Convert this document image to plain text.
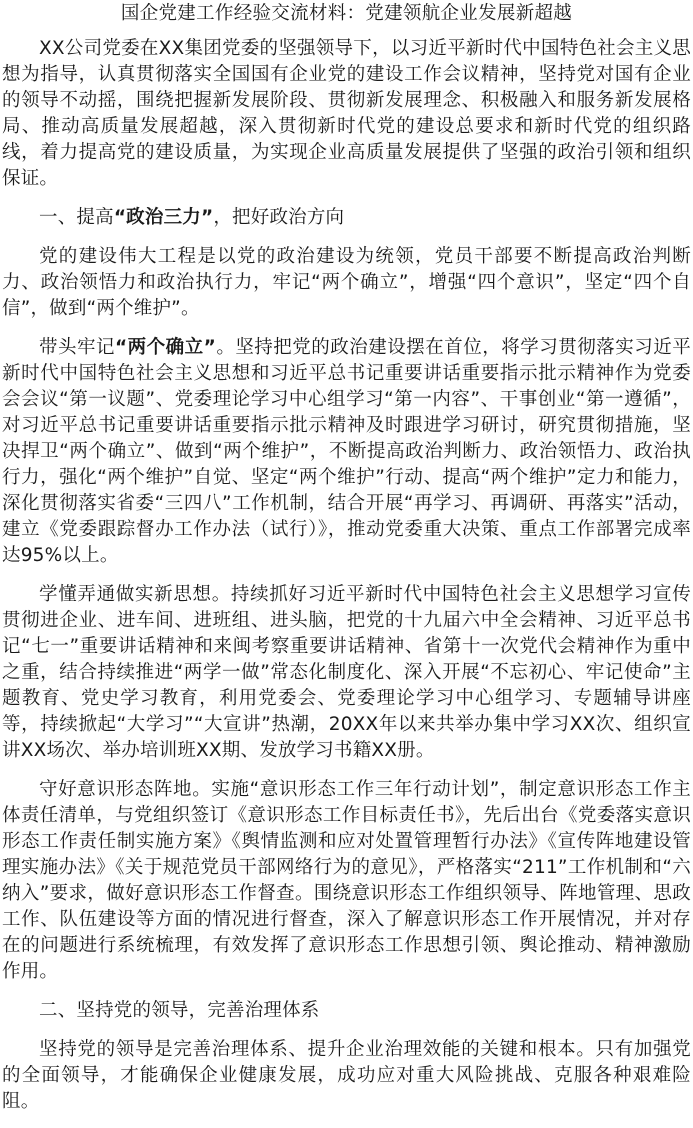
国企党建工作经验交流材料：党建领航企业发展新超越

XX公司党委在XX集团党委的坚强领导下，以习近平新时代中国特色社会主义思想为指导，认真贯彻落实全国国有企业党的建设工作会议精神，坚持党对国有企业的领导不动摇，围绕把握新发展阶段、贯彻新发展理念、积极融入和服务新发展格局、推动高质量发展超越，深入贯彻新时代党的建设总要求和新时代党的组织路线，着力提高党的建设质量，为实现企业高质量发展提供了坚强的政治引领和组织保证。

一、提高“政治三力”，把好政治方向

党的建设伟大工程是以党的政治建设为统领，党员干部要不断提高政治判断力、政治领悟力和政治执行力，牢记“两个确立”，增强“四个意识”，坚定“四个自信”，做到“两个维护”。

带头牢记“两个确立”。坚持把党的政治建设摆在首位，将学习贯彻落实习近平新时代中国特色社会主义思想和习近平总书记重要讲话重要指示批示精神作为党委会会议“第一议题”、党委理论学习中心组学习“第一内容”、干事创业“第一遵循”，对习近平总书记重要讲话重要指示批示精神及时跟进学习研讨，研究贯彻措施，坚决捍卫“两个确立”、做到“两个维护”，不断提高政治判断力、政治领悟力、政治执行力，强化“两个维护”自觉、坚定“两个维护”行动、提高“两个维护”定力和能力，深化贯彻落实省委“三四八”工作机制，结合开展“再学习、再调研、再落实”活动，建立《党委跟踪督办工作办法（试行）》，推动党委重大决策、重点工作部署完成率达95%以上。

学懂弄通做实新思想。持续抓好习近平新时代中国特色社会主义思想学习宣传贯彻进企业、进车间、进班组、进头脑，把党的十九届六中全会精神、习近平总书记“七一”重要讲话精神和来闽考察重要讲话精神、省第十一次党代会精神作为重中之重，结合持续推进“两学一做”常态化制度化、深入开展“不忘初心、牢记使命”主题教育、党史学习教育，利用党委会、党委理论学习中心组学习、专题辅导讲座等，持续掀起“大学习”“大宣讲”热潮，20XX年以来共举办集中学习XX次、组织宣讲XX场次、举办培训班XX期、发放学习书籍XX册。

守好意识形态阵地。实施“意识形态工作三年行动计划”，制定意识形态工作主体责任清单，与党组织签订《意识形态工作目标责任书》，先后出台《党委落实意识形态工作责任制实施方案》《舆情监测和应对处置管理暂行办法》《宣传阵地建设管理实施办法》《关于规范党员干部网络行为的意见》，严格落实“211”工作机制和“六纳入”要求，做好意识形态工作督查。围绕意识形态工作组织领导、阵地管理、思政工作、队伍建设等方面的情况进行督查，深入了解意识形态工作开展情况，并对存在的问题进行系统梳理，有效发挥了意识形态工作思想引领、舆论推动、精神激励作用。

二、坚持党的领导，完善治理体系

坚持党的领导是完善治理体系、提升企业治理效能的关键和根本。只有加强党的全面领导，才能确保企业健康发展，成功应对重大风险挑战、克服各种艰难险阻。
